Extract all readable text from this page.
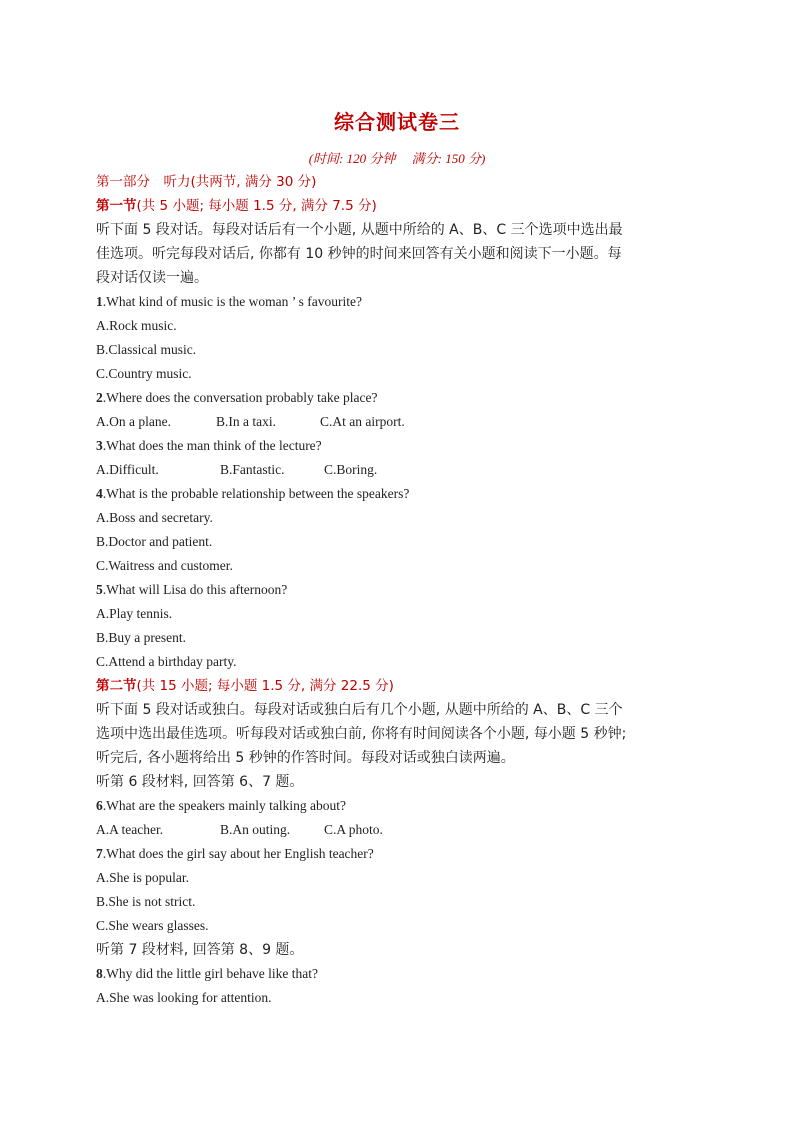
综合测试卷三
(时间: 120 分钟　 满分: 150 分)
第一部分　听力(共两节, 满分 30 分)
第一节(共 5 小题; 每小题 1.5 分, 满分 7.5 分)
听下面 5 段对话。每段对话后有一个小题, 从题中所给的 A、B、C 三个选项中选出最
佳选项。听完每段对话后, 你都有 10 秒钟的时间来回答有关小题和阅读下一小题。每
段对话仅读一遍。
1.What kind of music is the woman ’ s favourite?
A.Rock music.
B.Classical music.
C.Country music.
2.Where does the conversation probably take place?
A.On a plane.	B.In a taxi.	C.At an airport.
3.What does the man think of the lecture?
A.Difficult.	B.Fantastic.	C.Boring.
4.What is the probable relationship between the speakers?
A.Boss and secretary.
B.Doctor and patient.
C.Waitress and customer.
5.What will Lisa do this afternoon?
A.Play tennis.
B.Buy a present.
C.Attend a birthday party.
第二节(共 15 小题; 每小题 1.5 分, 满分 22.5 分)
听下面 5 段对话或独白。每段对话或独白后有几个小题, 从题中所给的 A、B、C 三个
选项中选出最佳选项。听每段对话或独白前, 你将有时间阅读各个小题, 每小题 5 秒钟;
听完后, 各小题将给出 5 秒钟的作答时间。每段对话或独白读两遍。
听第 6 段材料, 回答第 6、7 题。
6.What are the speakers mainly talking about?
A.A teacher.	B.An outing.	C.A photo.
7.What does the girl say about her English teacher?
A.She is popular.
B.She is not strict.
C.She wears glasses.
听第 7 段材料, 回答第 8、9 题。
8.Why did the little girl behave like that?
A.She was looking for attention.
